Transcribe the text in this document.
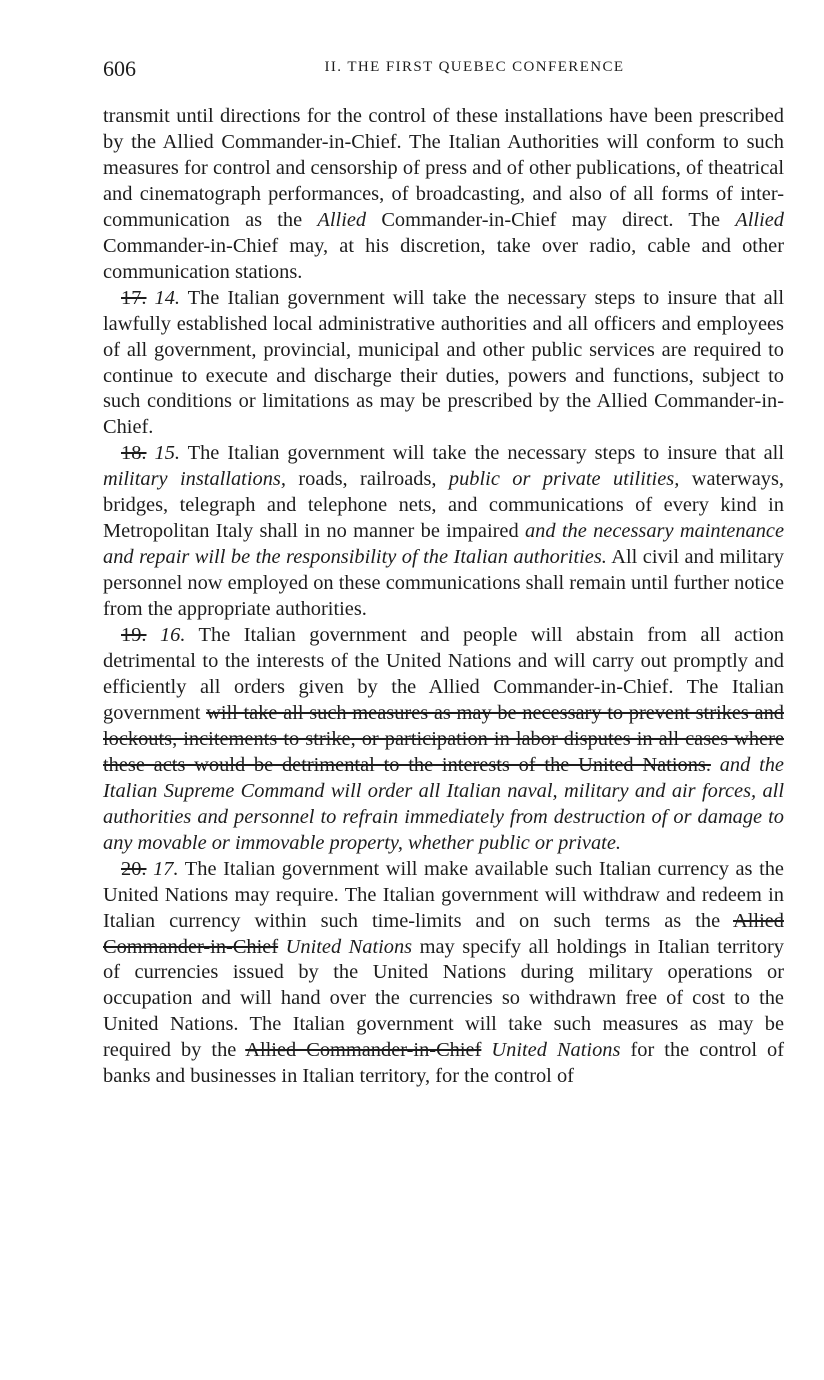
606	II. THE FIRST QUEBEC CONFERENCE

transmit until directions for the control of these installations have been prescribed by the Allied Commander-in-Chief. The Italian Authorities will conform to such measures for control and censorship of press and of other publications, of theatrical and cinematograph performances, of broadcasting, and also of all forms of inter-communication as the Allied Commander-in-Chief may direct. The Allied Commander-in-Chief may, at his discretion, take over radio, cable and other communication stations.

17. 14. The Italian government will take the necessary steps to insure that all lawfully established local administrative authorities and all officers and employees of all government, provincial, municipal and other public services are required to continue to execute and discharge their duties, powers and functions, subject to such conditions or limitations as may be prescribed by the Allied Commander-in-Chief.

18. 15. The Italian government will take the necessary steps to insure that all military installations, roads, railroads, public or private utilities, waterways, bridges, telegraph and telephone nets, and communications of every kind in Metropolitan Italy shall in no manner be impaired and the necessary maintenance and repair will be the responsibility of the Italian authorities. All civil and military personnel now employed on these communications shall remain until further notice from the appropriate authorities.

19. 16. The Italian government and people will abstain from all action detrimental to the interests of the United Nations and will carry out promptly and efficiently all orders given by the Allied Commander-in-Chief. The Italian government will take all such measures as may be necessary to prevent strikes and lockouts, incitements to strike, or participation in labor disputes in all cases where these acts would be detrimental to the interests of the United Nations. and the Italian Supreme Command will order all Italian naval, military and air forces, all authorities and personnel to refrain immediately from destruction of or damage to any movable or immovable property, whether public or private.

20. 17. The Italian government will make available such Italian currency as the United Nations may require. The Italian government will withdraw and redeem in Italian currency within such time-limits and on such terms as the Allied Commander-in-Chief United Nations may specify all holdings in Italian territory of currencies issued by the United Nations during military operations or occupation and will hand over the currencies so withdrawn free of cost to the United Nations. The Italian government will take such measures as may be required by the Allied Commander-in-Chief United Nations for the control of banks and businesses in Italian territory, for the control of
